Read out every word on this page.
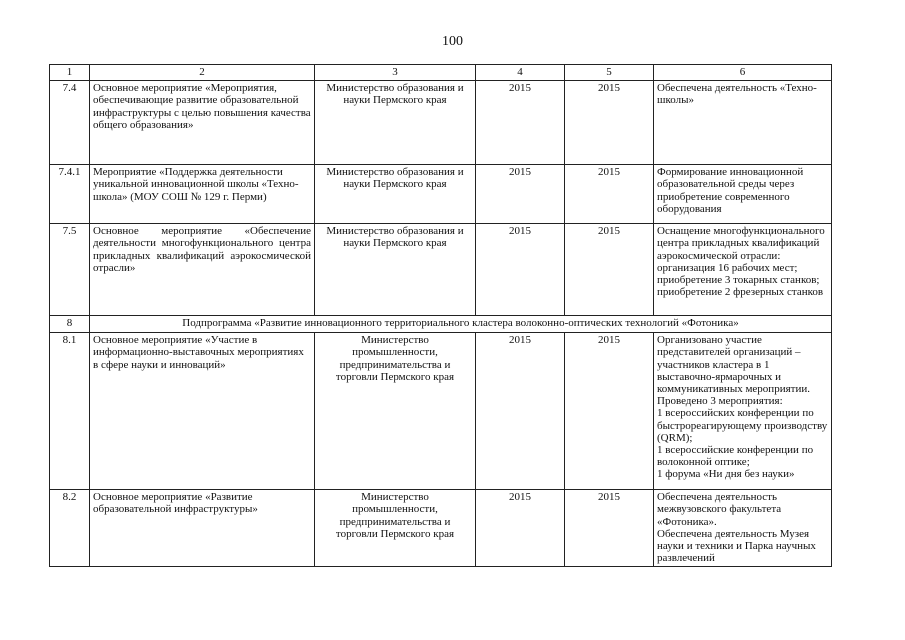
100
1	2	3	4	5	6
7.4	Основное мероприятие «Мероприятия, обеспечивающие развитие образовательной инфраструктуры с целью повышения качества общего образования»	Министерство образования и науки Пермского края	2015	2015	Обеспечена деятельность «Техно-школы»

7.4.1	Мероприятие «Поддержка деятельности уникальной инновационной школы «Техно-школа» (МОУ СОШ № 129 г. Перми)	Министерство образования и науки Пермского края	2015	2015	Формирование инновационной образовательной среды через приобретение современного оборудования

7.5	Основное мероприятие «Обеспечение деятельности многофункционального центра прикладных квалификаций аэрокосмической отрасли»	Министерство образования и науки Пермского края	2015	2015	Оснащение многофункционального центра прикладных квалификаций аэрокосмической отрасли:
организация 16 рабочих мест;
приобретение 3 токарных станков;
приобретение 2 фрезерных станков

8	Подпрограмма «Развитие инновационного территориального кластера волоконно-оптических технологий «Фотоника»				
8.1	Основное мероприятие «Участие в информационно-выставочных мероприятиях в сфере науки и инноваций»	Министерство промышленности, предпринимательства и торговли Пермского края	2015	2015	Организовано участие представителей организаций – участников кластера в 1 выставочно-ярмарочных и коммуникативных мероприятии.
Проведено 3 мероприятия:
1 всероссийских конференции по быстрореагирующему производству (QRM);
1 всероссийские конференции по волоконной оптике;
1 форума «Ни дня без науки»

8.2	Основное мероприятие «Развитие образовательной инфраструктуры»	Министерство промышленности, предпринимательства и торговли Пермского края	2015	2015	Обеспечена деятельность межвузовского факультета «Фотоника».
Обеспечена деятельность Музея науки и техники и Парка научных развлечений
